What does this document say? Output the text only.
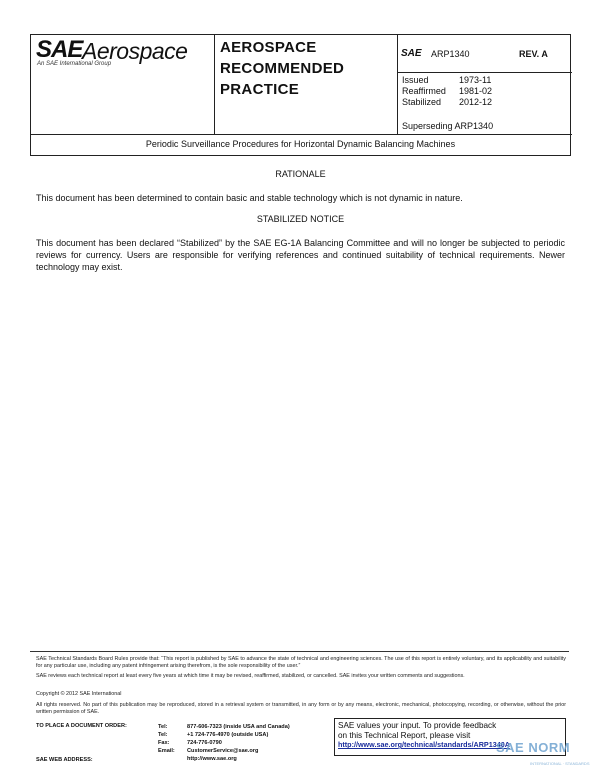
SAE Aerospace
An SAE International Group
AEROSPACE
RECOMMENDED
PRACTICE
SAE ARP1340	REV. A
Issued	1973-11
Reaffirmed	1981-02
Stabilized	2012-12
Superseding ARP1340
Periodic Surveillance Procedures for Horizontal Dynamic Balancing Machines
RATIONALE
This document has been determined to contain basic and stable technology which is not dynamic in nature.
STABILIZED NOTICE
This document has been declared “Stabilized” by the SAE EG-1A Balancing Committee and will no longer be subjected to periodic reviews for currency. Users are responsible for verifying references and continued suitability of technical requirements. Newer technology may exist.
SAE Technical Standards Board Rules provide that: “This report is published by SAE to advance the state of technical and engineering sciences. The use of this report is entirely voluntary, and its applicability and suitability for any particular use, including any patent infringement arising therefrom, is the sole responsibility of the user.”
SAE reviews each technical report at least every five years at which time it may be revised, reaffirmed, stabilized, or cancelled. SAE invites your written comments and suggestions.
Copyright © 2012 SAE International
All rights reserved. No part of this publication may be reproduced, stored in a retrieval system or transmitted, in any form or by any means, electronic, mechanical, photocopying, recording, or otherwise, without the prior written permission of SAE.
TO PLACE A DOCUMENT ORDER:
SAE WEB ADDRESS:
Tel:	877-606-7323 (inside USA and Canada)
Tel:	+1 724-776-4970 (outside USA)
Fax:	724-776-0790
Email:	CustomerService@sae.org
http://www.sae.org
SAE values your input. To provide feedback
on this Technical Report, please visit
http://www.sae.org/technical/standards/ARP1340A
SAE NORM
INTERNATIONAL · STANDARDS
